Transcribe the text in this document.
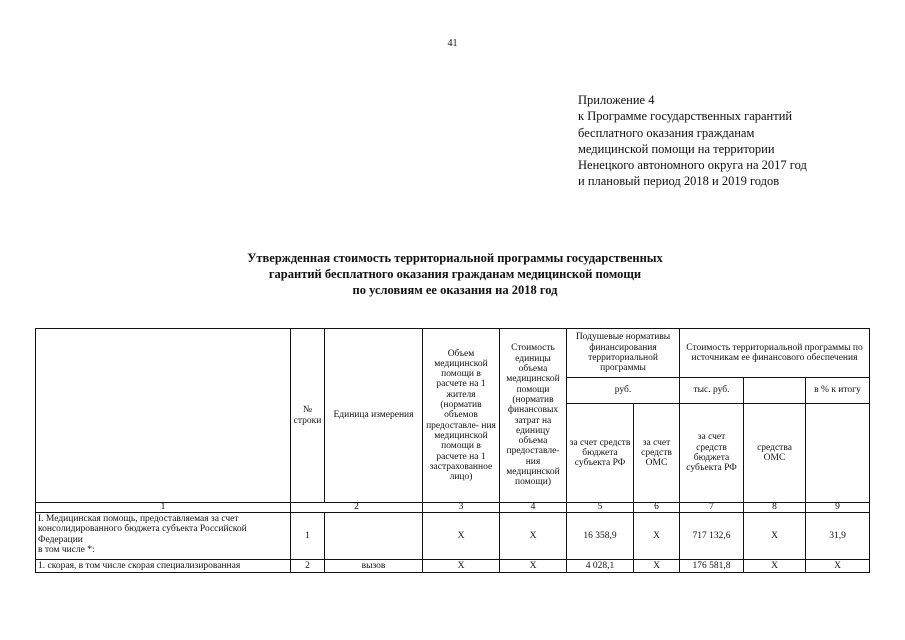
41
Приложение 4
к Программе государственных гарантий
бесплатного оказания гражданам
медицинской помощи на территории
Ненецкого автономного округа на 2017 год
и плановый период 2018 и 2019 годов
Утвержденная стоимость территориальной программы государственных
гарантий бесплатного оказания гражданам медицинской помощи
по условиям ее оказания на 2018 год
	№ строки	Единица измерения	Объем медицинской помощи в расчете на 1 жителя (норматив объемов предоставле- ния медицинской помощи в расчете на 1 застрахованное лицо)	Стоимость единицы объема медицинской помощи (норматив финансовых затрат на единицу объема предоставле- ния медицинской помощи)	Подушевые нормативы финансирования территориальной программы		Стоимость территориальной программы по источникам ее финансового обеспечения		
					руб.		тыс. руб.		в % к итогу
					за счет средств бюджета субъекта РФ	за счет средств ОМС	за счет средств бюджета субъекта РФ	средства ОМС	
1	2		3	4	5	6	7	8	9
I. Медицинская помощь, предоставляемая за счет консолидированного бюджета субъекта Российской Федерации
в том числе *:	1		Х	Х	16 358,9	Х	717 132,6	Х	31,9
1. скорая, в том числе скорая специализированная	2	вызов	Х	Х	4 028,1	Х	176 581,8	Х	Х
